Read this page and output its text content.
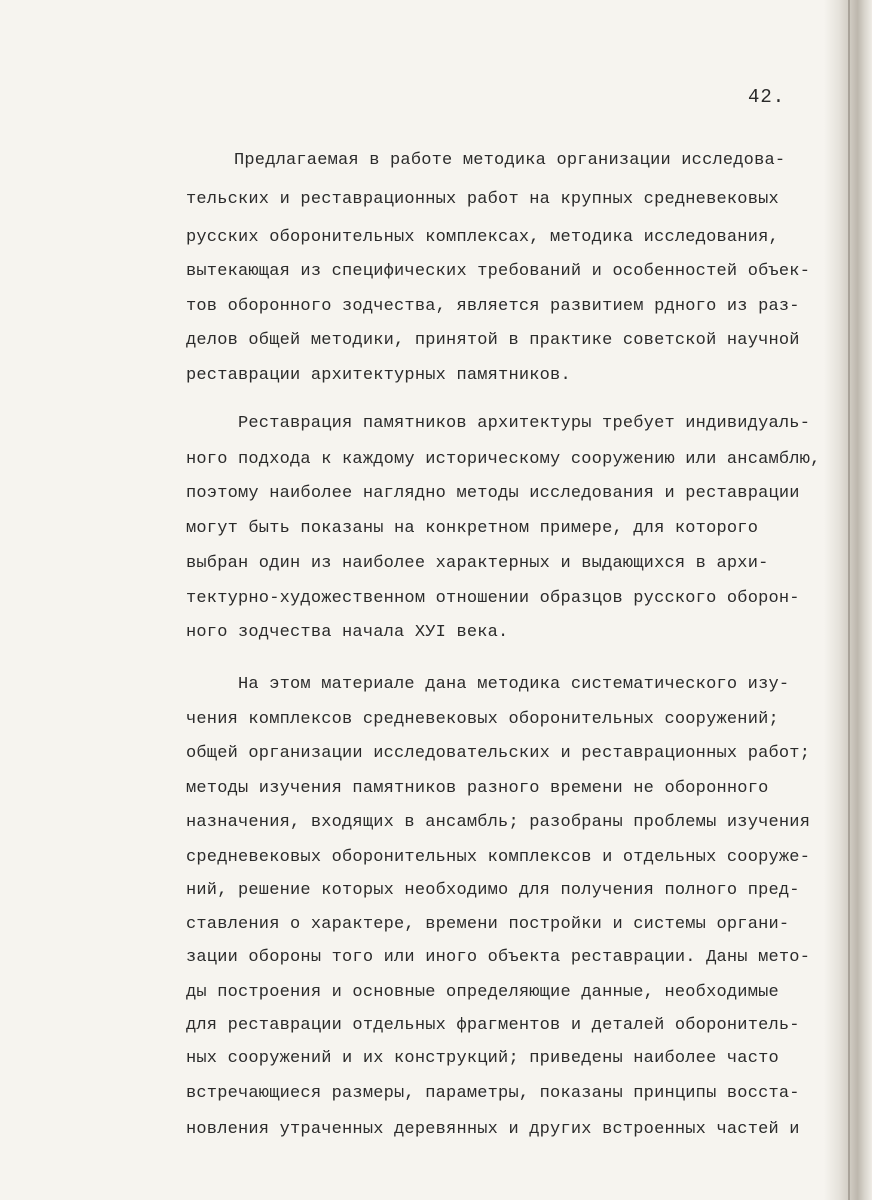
42.
Предлагаемая в работе методика организации исследова-
тельских и реставрационных работ на крупных средневековых
русских оборонительных комплексах, методика исследования,
вытекающая из специфических требований и особенностей объек-
тов оборонного зодчества, является развитием рдного из раз-
делов общей методики, принятой в практике советской научной
реставрации архитектурных памятников.
Реставрация памятников архитектуры требует индивидуаль-
ного подхода к каждому историческому сооружению или ансамблю,
поэтому наиболее наглядно методы исследования и реставрации
могут быть показаны на конкретном примере, для которого
выбран один из наиболее характерных и выдающихся в архи-
тектурно-художественном отношении образцов русского оборон-
ного зодчества начала XУI века.
На этом материале дана методика систематического изу-
чения комплексов средневековых оборонительных сооружений;
общей организации исследовательских и реставрационных работ;
методы изучения памятников разного времени не оборонного
назначения, входящих в ансамбль; разобраны проблемы изучения
средневековых оборонительных комплексов и отдельных сооруже-
ний, решение которых необходимо для получения полного пред-
ставления о характере, времени постройки и системы органи-
зации обороны того или иного объекта реставрации. Даны мето-
ды построения и основные определяющие данные, необходимые
для реставрации отдельных фрагментов и деталей оборонитель-
ных сооружений и их конструкций; приведены наиболее часто
встречающиеся размеры, параметры, показаны принципы восста-
новления утраченных деревянных и других встроенных частей и
